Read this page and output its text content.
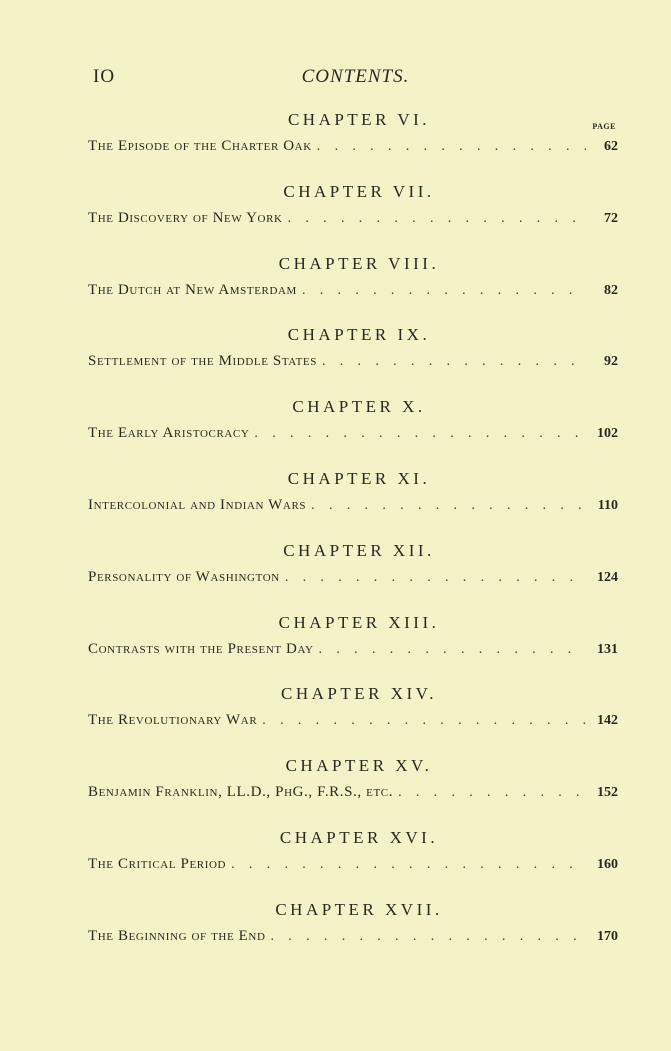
IO	CONTENTS.
CHAPTER VI.	PAGE
The Episode of the Charter Oak . . .	62
CHAPTER VII.
The Discovery of New York . . .	72
CHAPTER VIII.
The Dutch at New Amsterdam . . .	82
CHAPTER IX.
Settlement of the Middle States . . .	92
CHAPTER X.
The Early Aristocracy . . .	102
CHAPTER XI.
Intercolonial and Indian Wars . . .	110
CHAPTER XII.
Personality of Washington . . .	124
CHAPTER XIII.
Contrasts with the Present Day . . .	131
CHAPTER XIV.
The Revolutionary War . . .	142
CHAPTER XV.
Benjamin Franklin, LL.D., PhG., F.R.S., etc. . . .	152
CHAPTER XVI.
The Critical Period . . .	160
CHAPTER XVII.
The Beginning of the End . . .	170
